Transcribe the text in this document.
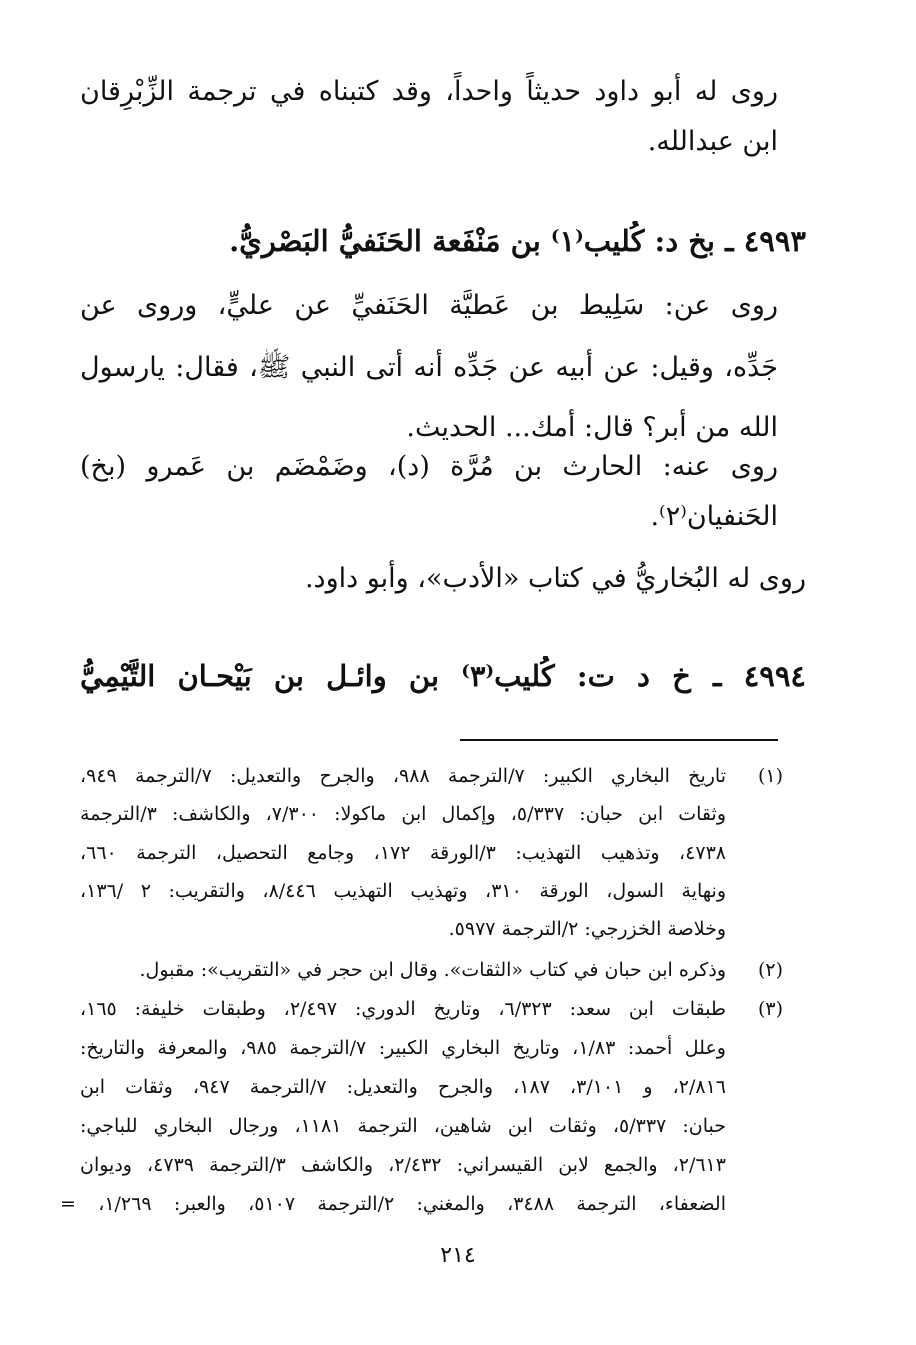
روى له أبو داود حديثاً واحداً، وقد كتبناه في ترجمة الزِّبْرِقان
ابن عبدالله.
٤٩٩٣ ـ بخ د: كُليب⁽١⁾ بن مَنْفَعة الحَنَفيُّ البَصْريُّ.
روى عن: سَلِيط بن عَطيَّة الحَنَفيِّ عن عليٍّ، وروى عن
جَدِّه، وقيل: عن أبيه عن جَدِّه أنه أتى النبي ﷺ، فقال: يارسول
الله من أبر؟ قال: أمك... الحديث.
روى عنه: الحارث بن مُرَّة (د)، وضَمْضَم بن عَمرو (بخ)
الحَنفيان⁽٢⁾.
روى له البُخاريُّ في كتاب «الأدب»، وأبو داود.
٤٩٩٤ ـ خ د ت: كُليب⁽٣⁾ بن وائـل بن بَيْحـان التَّيْمِيُّ
(١)
تاريخ البخاري الكبير: ٧/الترجمة ٩٨٨، والجرح والتعديل: ٧/الترجمة ٩٤٩،
وثقات ابن حبان: ٥/٣٣٧، وإكمال ابن ماكولا: ٧/٣٠٠، والكاشف: ٣/الترجمة
٤٧٣٨، وتذهيب التهذيب: ٣/الورقة ١٧٢، وجامع التحصيل، الترجمة ٦٦٠،
ونهاية السول، الورقة ٣١٠، وتهذيب التهذيب ٨/٤٤٦، والتقريب: ٢ /١٣٦،
وخلاصة الخزرجي: ٢/الترجمة ٥٩٧٧.
(٢)
وذكره ابن حبان في كتاب «الثقات». وقال ابن حجر في «التقريب»: مقبول.
(٣)
طبقات ابن سعد: ٦/٣٢٣، وتاريخ الدوري: ٢/٤٩٧، وطبقات خليفة: ١٦٥،
وعلل أحمد: ١/٨٣، وتاريخ البخاري الكبير: ٧/الترجمة ٩٨٥، والمعرفة والتاريخ:
٢/٨١٦، و ٣/١٠١، ١٨٧، والجرح والتعديل: ٧/الترجمة ٩٤٧، وثقات ابن
حبان: ٥/٣٣٧، وثقات ابن شاهين، الترجمة ١١٨١، ورجال البخاري للباجي:
٢/٦١٣، والجمع لابن القيسراني: ٢/٤٣٢، والكاشف ٣/الترجمة ٤٧٣٩، وديوان
الضعفاء، الترجمة ٣٤٨٨، والمغني: ٢/الترجمة ٥١٠٧، والعبر: ١/٢٦٩، =
٢١٤
